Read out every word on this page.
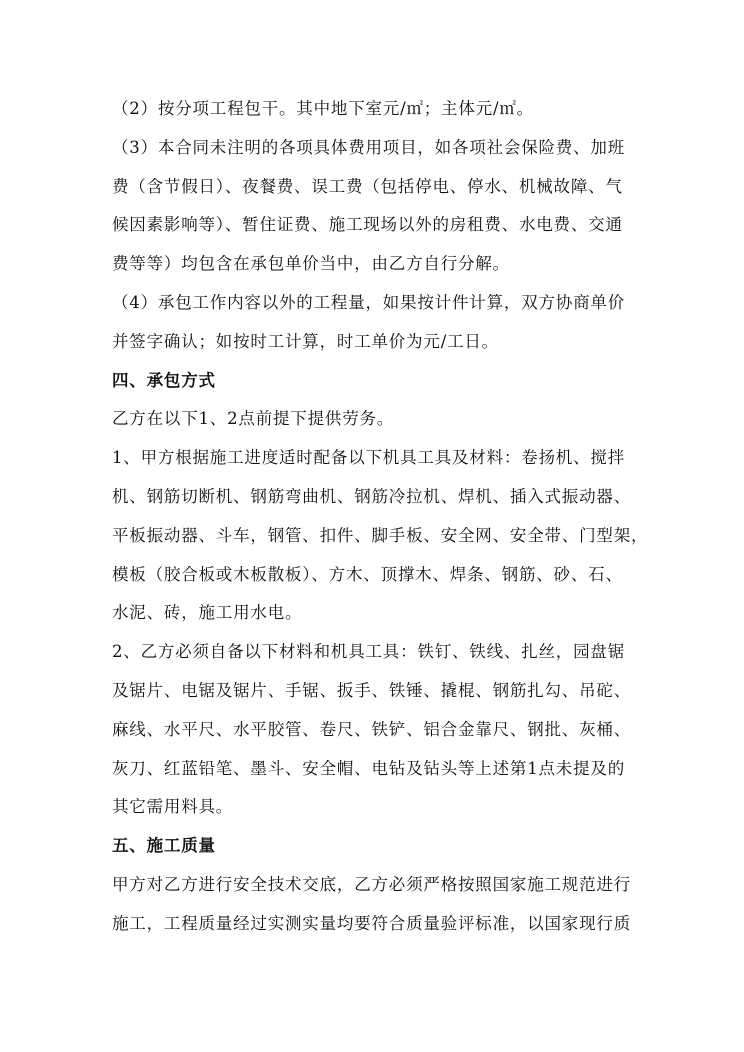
（2）按分项工程包干。其中地下室元/㎡；主体元/㎡。
（3）本合同未注明的各项具体费用项目，如各项社会保险费、加班
费（含节假日）、夜餐费、误工费（包括停电、停水、机械故障、气
候因素影响等）、暂住证费、施工现场以外的房租费、水电费、交通
费等等）均包含在承包单价当中，由乙方自行分解。
（4）承包工作内容以外的工程量，如果按计件计算，双方协商单价
并签字确认；如按时工计算，时工单价为元/工日。
四、承包方式
乙方在以下1、2点前提下提供劳务。
1、甲方根据施工进度适时配备以下机具工具及材料：卷扬机、搅拌
机、钢筋切断机、钢筋弯曲机、钢筋冷拉机、焊机、插入式振动器、
平板振动器、斗车，钢管、扣件、脚手板、安全网、安全带、门型架，
模板（胶合板或木板散板）、方木、顶撑木、焊条、钢筋、砂、石、
水泥、砖，施工用水电。
2、乙方必须自备以下材料和机具工具：铁钉、铁线、扎丝，园盘锯
及锯片、电锯及锯片、手锯、扳手、铁锤、撬棍、钢筋扎勾、吊砣、
麻线、水平尺、水平胶管、卷尺、铁铲、铝合金靠尺、钢批、灰桶、
灰刀、红蓝铅笔、墨斗、安全帽、电钻及钻头等上述第1点未提及的
其它需用料具。
五、施工质量
甲方对乙方进行安全技术交底，乙方必须严格按照国家施工规范进行
施工，工程质量经过实测实量均要符合质量验评标准，以国家现行质
